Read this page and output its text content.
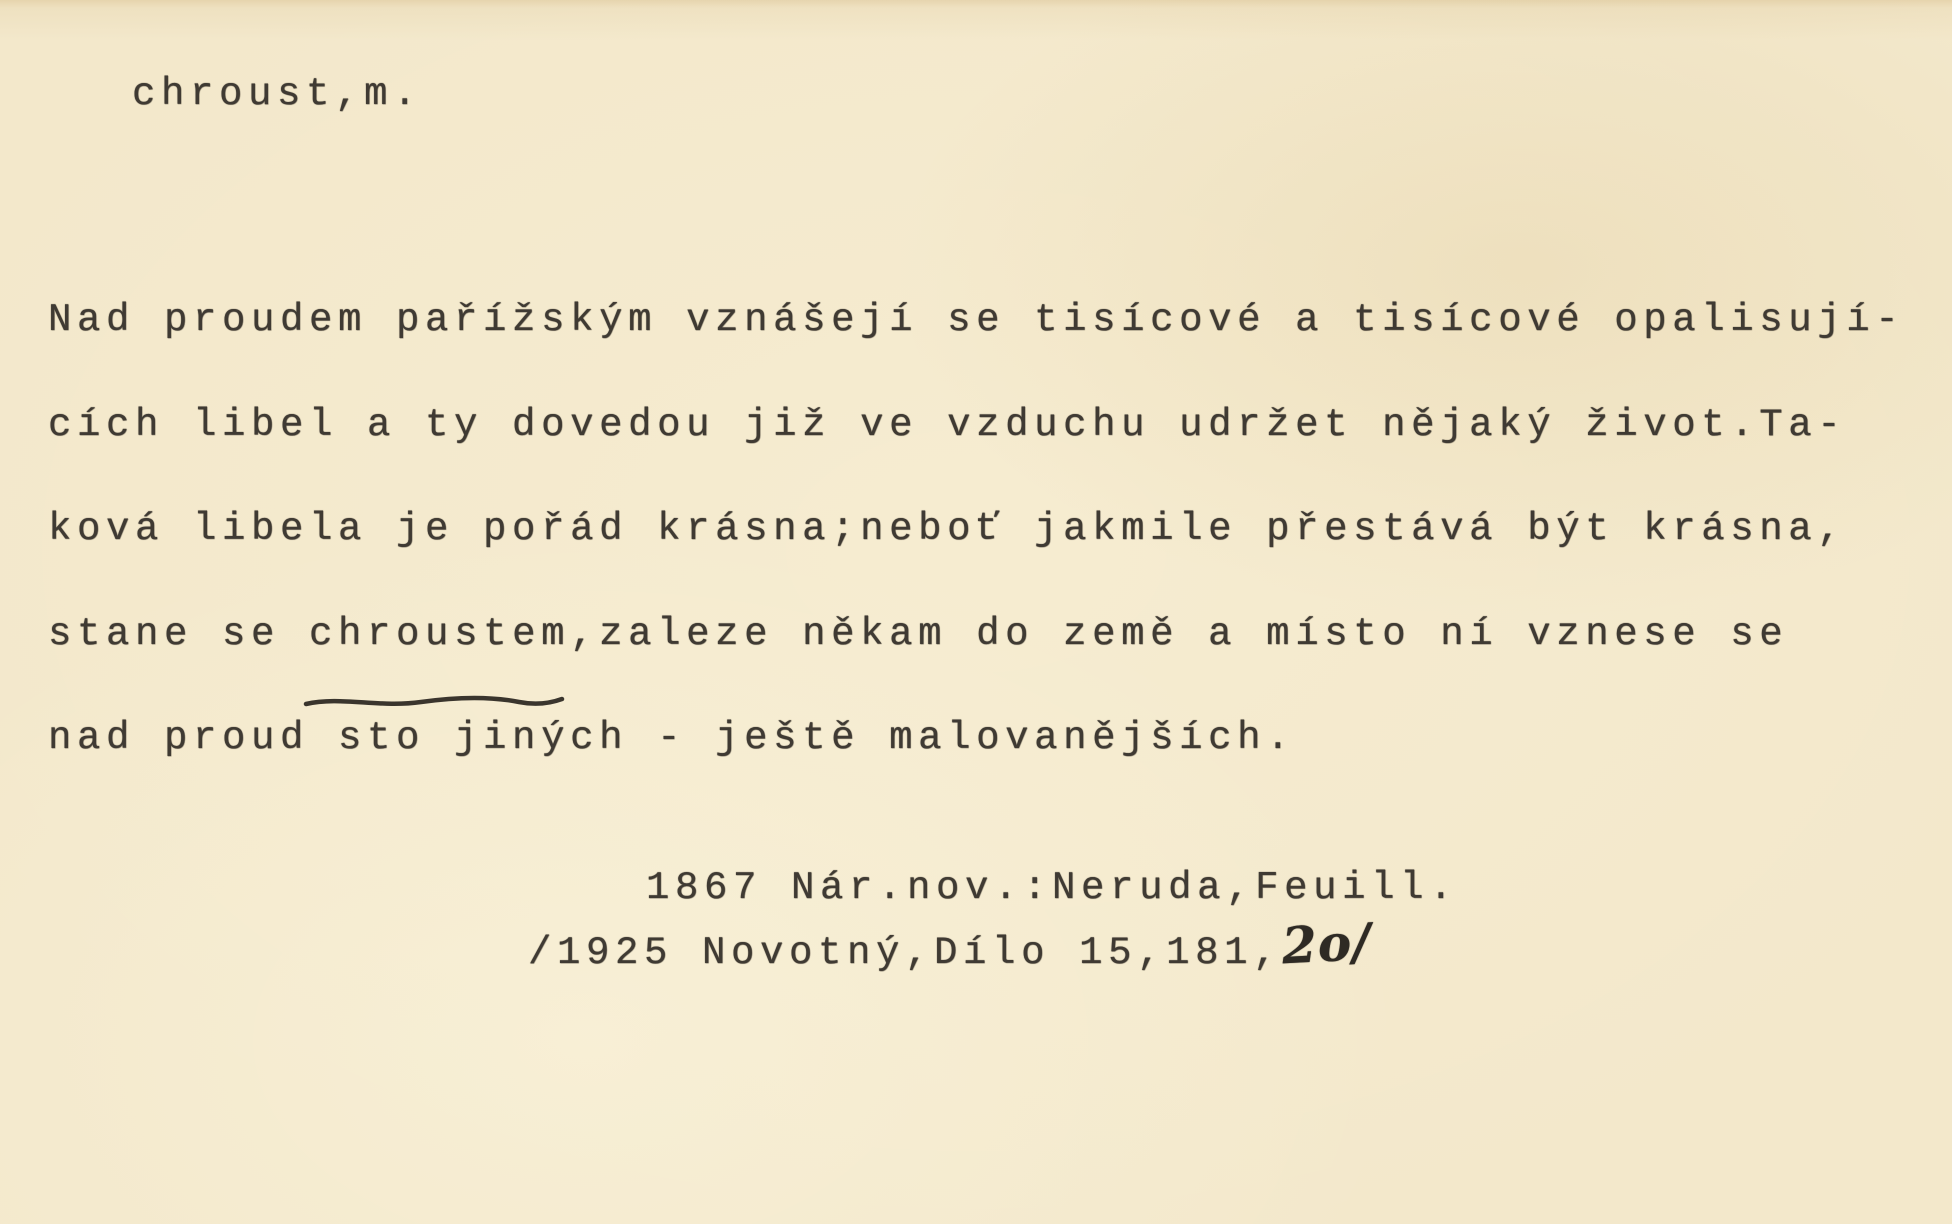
chroust,m.
Nad proudem pařížským vznášejí se tisícové a tisícové opalisují-
cích libel a ty dovedou již ve vzduchu udržet nějaký život.Ta-
ková libela je pořád krásna;neboť jakmile přestává být krásna,
stane se chroustem
,zaleze někam do země a místo ní vznese se
nad proud sto jiných - ještě malovanějších.
1867 Nár.nov.:Neruda,Feuill.
/1925 Novotný,Dílo 15,181,2o/
